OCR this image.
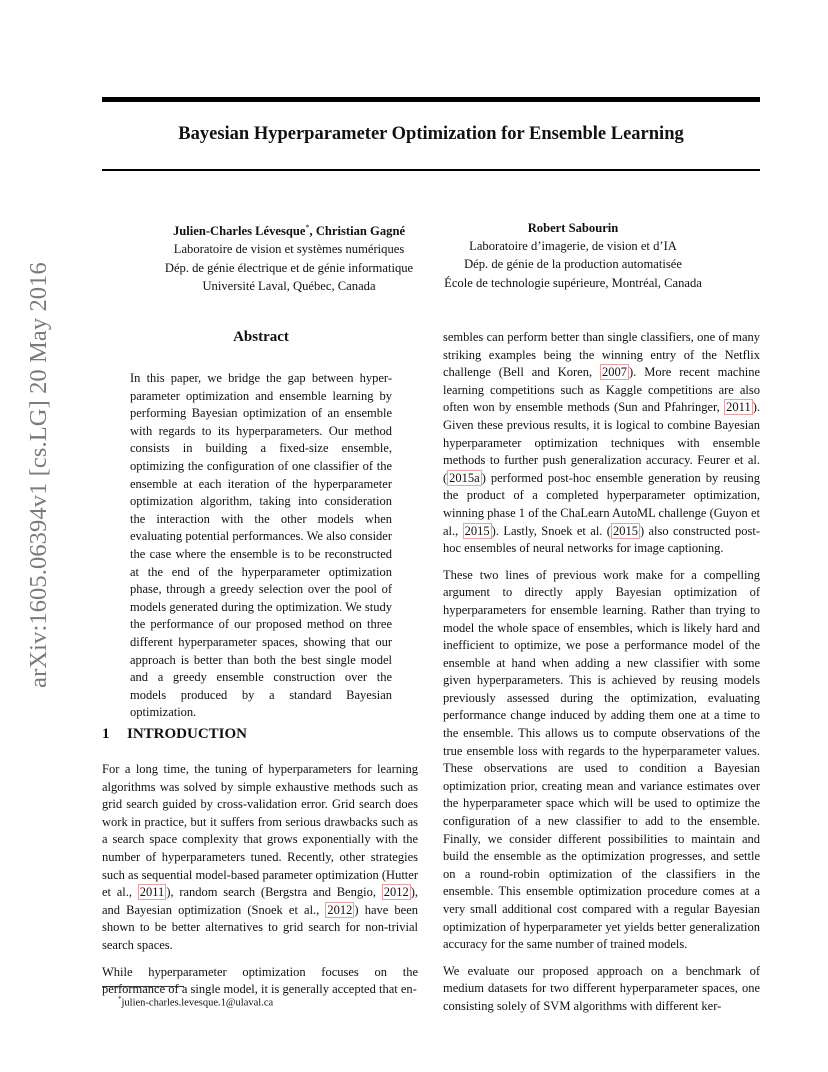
Bayesian Hyperparameter Optimization for Ensemble Learning
Julien-Charles Lévesque*, Christian Gagné
Laboratoire de vision et systèmes numériques
Dép. de génie électrique et de génie informatique
Université Laval, Québec, Canada
Robert Sabourin
Laboratoire d’imagerie, de vision et d’IA
Dép. de génie de la production automatisée
École de technologie supérieure, Montréal, Canada
arXiv:1605.06394v1 [cs.LG] 20 May 2016	Abstract

In this paper, we bridge the gap between hyper-parameter optimization and ensemble learning by performing Bayesian optimization of an ensemble with regards to its hyperparameters. Our method consists in building a fixed-size ensemble, optimizing the configuration of one classifier of the ensemble at each iteration of the hyperparameter optimization algorithm, taking into consideration the interaction with the other models when evaluating potential performances. We also consider the case where the ensemble is to be reconstructed at the end of the hyperparameter optimization phase, through a greedy selection over the pool of models generated during the optimization. We study the performance of our proposed method on three different hyperparameter spaces, showing that our approach is better than both the best single model and a greedy ensemble construction over the models produced by a standard Bayesian optimization.

1 INTRODUCTION

For a long time, the tuning of hyperparameters for learning algorithms was solved by simple exhaustive methods such as grid search guided by cross-validation error. Grid search does work in practice, but it suffers from serious drawbacks such as a search space complexity that grows exponentially with the number of hyperparameters tuned. Recently, other strategies such as sequential model-based parameter optimization (Hutter et al., 2011 ), random search (Bergstra and Bengio, 2012 ), and Bayesian optimization (Snoek et al., 2012 ) have been shown to be better alternatives to grid search for non-trivial search spaces.

While hyperparameter optimization focuses on the performance of a single model, it is generally accepted that en-

sembles can perform better than single classifiers, one of many striking examples being the winning entry of the Netflix challenge (Bell and Koren, 2007 ). More recent machine learning competitions such as Kaggle competitions are also often won by ensemble methods (Sun and Pfahringer, 2011 ). Given these previous results, it is logical to combine Bayesian hyperparameter optimization techniques with ensemble methods to further push generalization accuracy. Feurer et al. ( 2015a ) performed post-hoc ensemble generation by reusing the product of a completed hyperparameter optimization, winning phase 1 of the ChaLearn AutoML challenge (Guyon et al., 2015 ). Lastly, Snoek et al. ( 2015 ) also constructed post-hoc ensembles of neural networks for image captioning.

These two lines of previous work make for a compelling argument to directly apply Bayesian optimization of hyperparameters for ensemble learning. Rather than trying to model the whole space of ensembles, which is likely hard and inefficient to optimize, we pose a performance model of the ensemble at hand when adding a new classifier with some given hyperparameters. This is achieved by reusing models previously assessed during the optimization, evaluating performance change induced by adding them one at a time to the ensemble. This allows us to compute observations of the true ensemble loss with regards to the hyperparameter values. These observations are used to condition a Bayesian optimization prior, creating mean and variance estimates over the hyperparameter space which will be used to optimize the configuration of a new classifier to add to the ensemble. Finally, we consider different possibilities to maintain and build the ensemble as the optimization progresses, and settle on a round-robin optimization of the classifiers in the ensemble. This ensemble optimization procedure comes at a very small additional cost compared with a regular Bayesian optimization of hyperparameter yet yields better generalization accuracy for the same number of trained models.

We evaluate our proposed approach on a benchmark of medium datasets for two different hyperparameter spaces, one consisting solely of SVM algorithms with different ker-

*julien-charles.levesque.1@ulaval.ca
